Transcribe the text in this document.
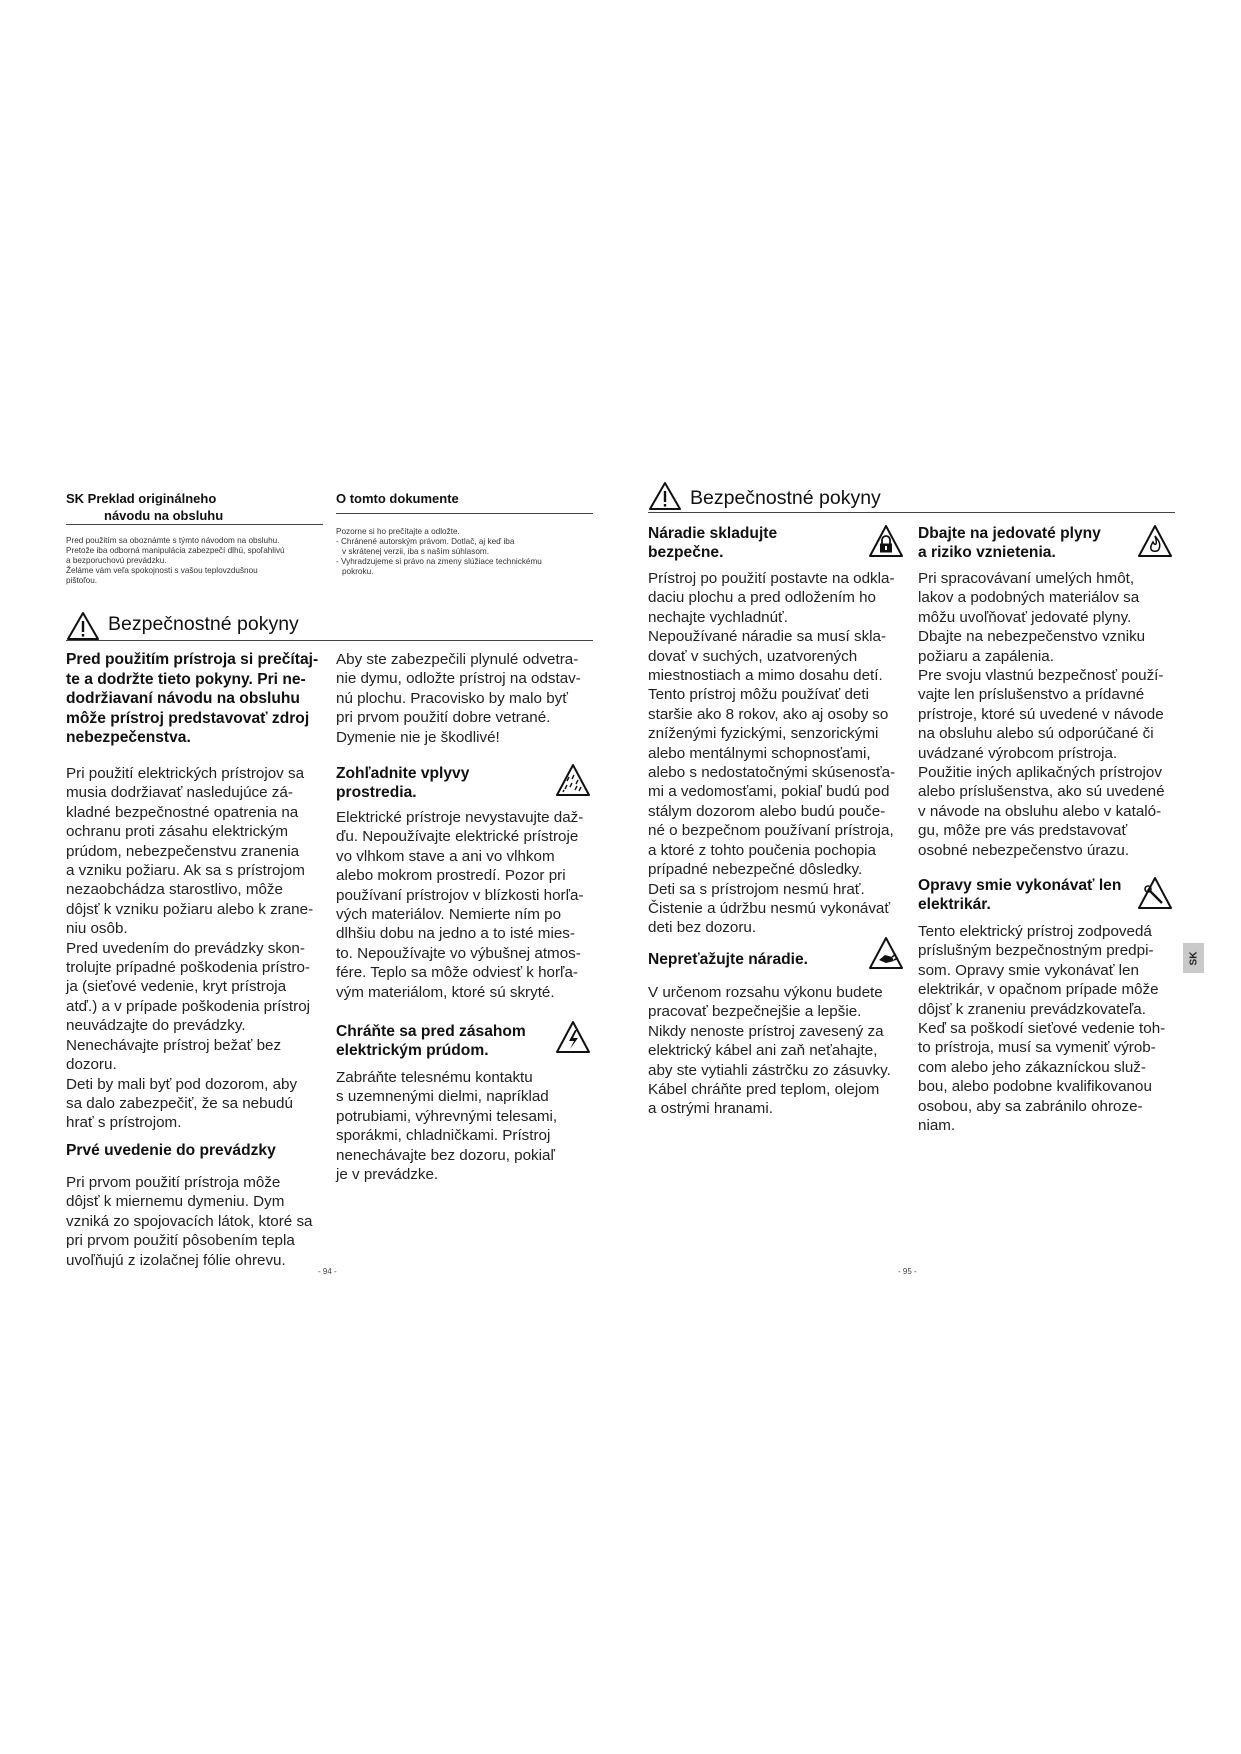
SK Preklad originálneho
návodu na obsluhu
Pred použitím sa oboznámte s týmto návodom na obsluhu.
Pretože iba odborná manipulácia zabezpečí dlhú, spoľahlivú
a bezporuchovú prevádzku.
Želáme vám veľa spokojnosti s vašou teplovzdušnou
pištoľou.
O tomto dokumente
Pozorne si ho prečítajte a odložte.
- Chránené autorským právom. Dotlač, aj keď iba
v skrátenej verzii, iba s naším súhlasom.
- Vyhradzujeme si právo na zmeny slúžiace technickému
pokroku.
Bezpečnostné pokyny
Pred použitím prístroja si prečítaj-
te a dodržte tieto pokyny. Pri ne-
dodržiavaní návodu na obsluhu
môže prístroj predstavovať zdroj
nebezpečenstva.
Pri použití elektrických prístrojov sa
musia dodržiavať nasledujúce zá-
kladné bezpečnostné opatrenia na
ochranu proti zásahu elektrickým
prúdom, nebezpečenstvu zranenia
a vzniku požiaru. Ak sa s prístrojom
nezaobchádza starostlivo, môže
dôjsť k vzniku požiaru alebo k zrane-
niu osôb.
Pred uvedením do prevádzky skon-
trolujte prípadné poškodenia prístro-
ja (sieťové vedenie, kryt prístroja
atď.) a v prípade poškodenia prístroj
neuvádzajte do prevádzky.
Nenechávajte prístroj bežať bez
dozoru.
Deti by mali byť pod dozorom, aby
sa dalo zabezpečiť, že sa nebudú
hrať s prístrojom.
Prvé uvedenie do prevádzky
Pri prvom použití prístroja môže
dôjsť k miernemu dymeniu. Dym
vzniká zo spojovacích látok, ktoré sa
pri prvom použití pôsobením tepla
uvoľňujú z izolačnej fólie ohrevu.
Aby ste zabezpečili plynulé odvetra-
nie dymu, odložte prístroj na odstav-
nú plochu. Pracovisko by malo byť
pri prvom použití dobre vetrané.
Dymenie nie je škodlivé!
Zohľadnite vplyvy
prostredia.
Elektrické prístroje nevystavujte dаž-
ďu. Nepoužívajte elektrické prístroje
vo vlhkom stave a ani vo vlhkom
alebo mokrom prostredí. Pozor pri
používaní prístrojov v blízkosti horľa-
vých materiálov. Nemierte ním po
dlhšiu dobu na jedno a to isté mies-
to. Nepoužívajte vo výbušnej atmos-
fére. Teplo sa môže odviesť k horľa-
vým materiálom, ktoré sú skryté.
Chráňte sa pred zásahom
elektrickým prúdom.
Zabráňte telesnému kontaktu
s uzemnenými dielmi, napríklad
potrubiami, výhrevnými telesami,
sporákmi, chladničkami. Prístroj
nenechávajte bez dozoru, pokiaľ
je v prevádzke.
- 94 -
Bezpečnostné pokyny
Náradie skladujte
bezpečne.
Prístroj po použití postavte na odkla-
daciu plochu a pred odložením ho
nechajte vychladnúť.
Nepoužívané náradie sa musí skla-
dovať v suchých, uzatvorených
miestnostiach a mimo dosahu detí.
Tento prístroj môžu používať deti
staršie ako 8 rokov, ako aj osoby so
zníženými fyzickými, senzorickými
alebo mentálnymi schopnosťami,
alebo s nedostatočnými skúsenosťa-
mi a vedomosťami, pokiaľ budú pod
stálym dozorom alebo budú pouče-
né o bezpečnom používaní prístroja,
a ktoré z tohto poučenia pochopia
prípadné nebezpečné dôsledky.
Deti sa s prístrojom nesmú hrať.
Čistenie a údržbu nesmú vykonávať
deti bez dozoru.
Nepreťažujte náradie.
V určenom rozsahu výkonu budete
pracovať bezpečnejšie a lepšie.
Nikdy nenoste prístroj zavesený za
elektrický kábel ani zaň neťahajte,
aby ste vytiahli zástrčku zo zásuvky.
Kábel chráňte pred teplom, olejom
a ostrými hranami.
Dbajte na jedovaté plyny
a riziko vznietenia.
Pri spracovávaní umelých hmôt,
lakov a podobných materiálov sa
môžu uvoľňovať jedovaté plyny.
Dbajte na nebezpečenstvo vzniku
požiaru a zapálenia.
Pre svoju vlastnú bezpečnosť použí-
vajte len príslušenstvo a prídavné
prístroje, ktoré sú uvedené v návode
na obsluhu alebo sú odporúčané či
uvádzané výrobcom prístroja.
Použitie iných aplikačných prístrojov
alebo príslušenstva, ako sú uvedené
v návode na obsluhu alebo v kataló-
gu, môže pre vás predstavovať
osobné nebezpečenstvo úrazu.
Opravy smie vykonávať len
elektrikár.
Tento elektrický prístroj zodpovedá
príslušným bezpečnostným predpi-
som. Opravy smie vykonávať len
elektrikár, v opačnom prípade môže
dôjsť k zraneniu prevádzkovateľa.
Keď sa poškodí sieťové vedenie toh-
to prístroja, musí sa vymeniť výrob-
com alebo jeho zákazníckou služ-
bou, alebo podobne kvalifikovanou
osobou, aby sa zabránilo ohroze-
niam.
SK
- 95 -
